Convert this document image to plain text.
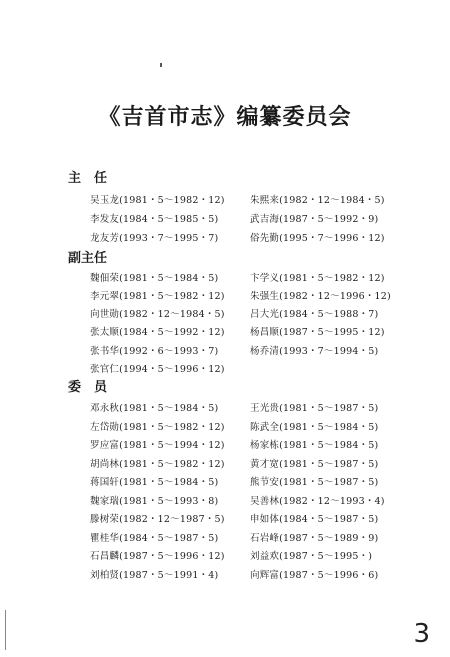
《吉首市志》编纂委员会
主　任
吴玉龙(1981・5～1982・12)
李发友(1984・5～1985・5)
龙友芳(1993・7～1995・7)
朱熙来(1982・12～1984・5)
武吉海(1987・5～1992・9)
俗先勤(1995・7～1996・12)
副主任
魏佃荣(1981・5～1984・5)
李元翠(1981・5～1982・12)
向世勋(1982・12～1984・5)
张太顺(1984・5～1992・12)
张书华(1992・6～1993・7)
张官仁(1994・5～1996・12)
卞学义(1981・5～1982・12)
朱强生(1982・12～1996・12)
吕大光(1984・5～1988・7)
杨昌顺(1987・5～1995・12)
杨乔清(1993・7～1994・5)
委　员
邓永秋(1981・5～1984・5)
左岱勋(1981・5～1982・12)
罗应富(1981・5～1994・12)
胡尚林(1981・5～1982・12)
蒋国轩(1981・5～1984・5)
魏家瑞(1981・5～1993・8)
滕树荣(1982・12～1987・5)
瞿桂华(1984・5～1987・5)
石昌麟(1987・5～1996・12)
刘柏贤(1987・5～1991・4)
王光贵(1981・5～1987・5)
陈武全(1981・5～1984・5)
杨家栋(1981・5～1984・5)
黄才宽(1981・5～1987・5)
熊节安(1981・5～1987・5)
吴善林(1982・12～1993・4)
申如体(1984・5～1987・5)
石岩峰(1987・5～1989・9)
刘益欢(1987・5～1995・)
向辉富(1987・5～1996・6)
3
